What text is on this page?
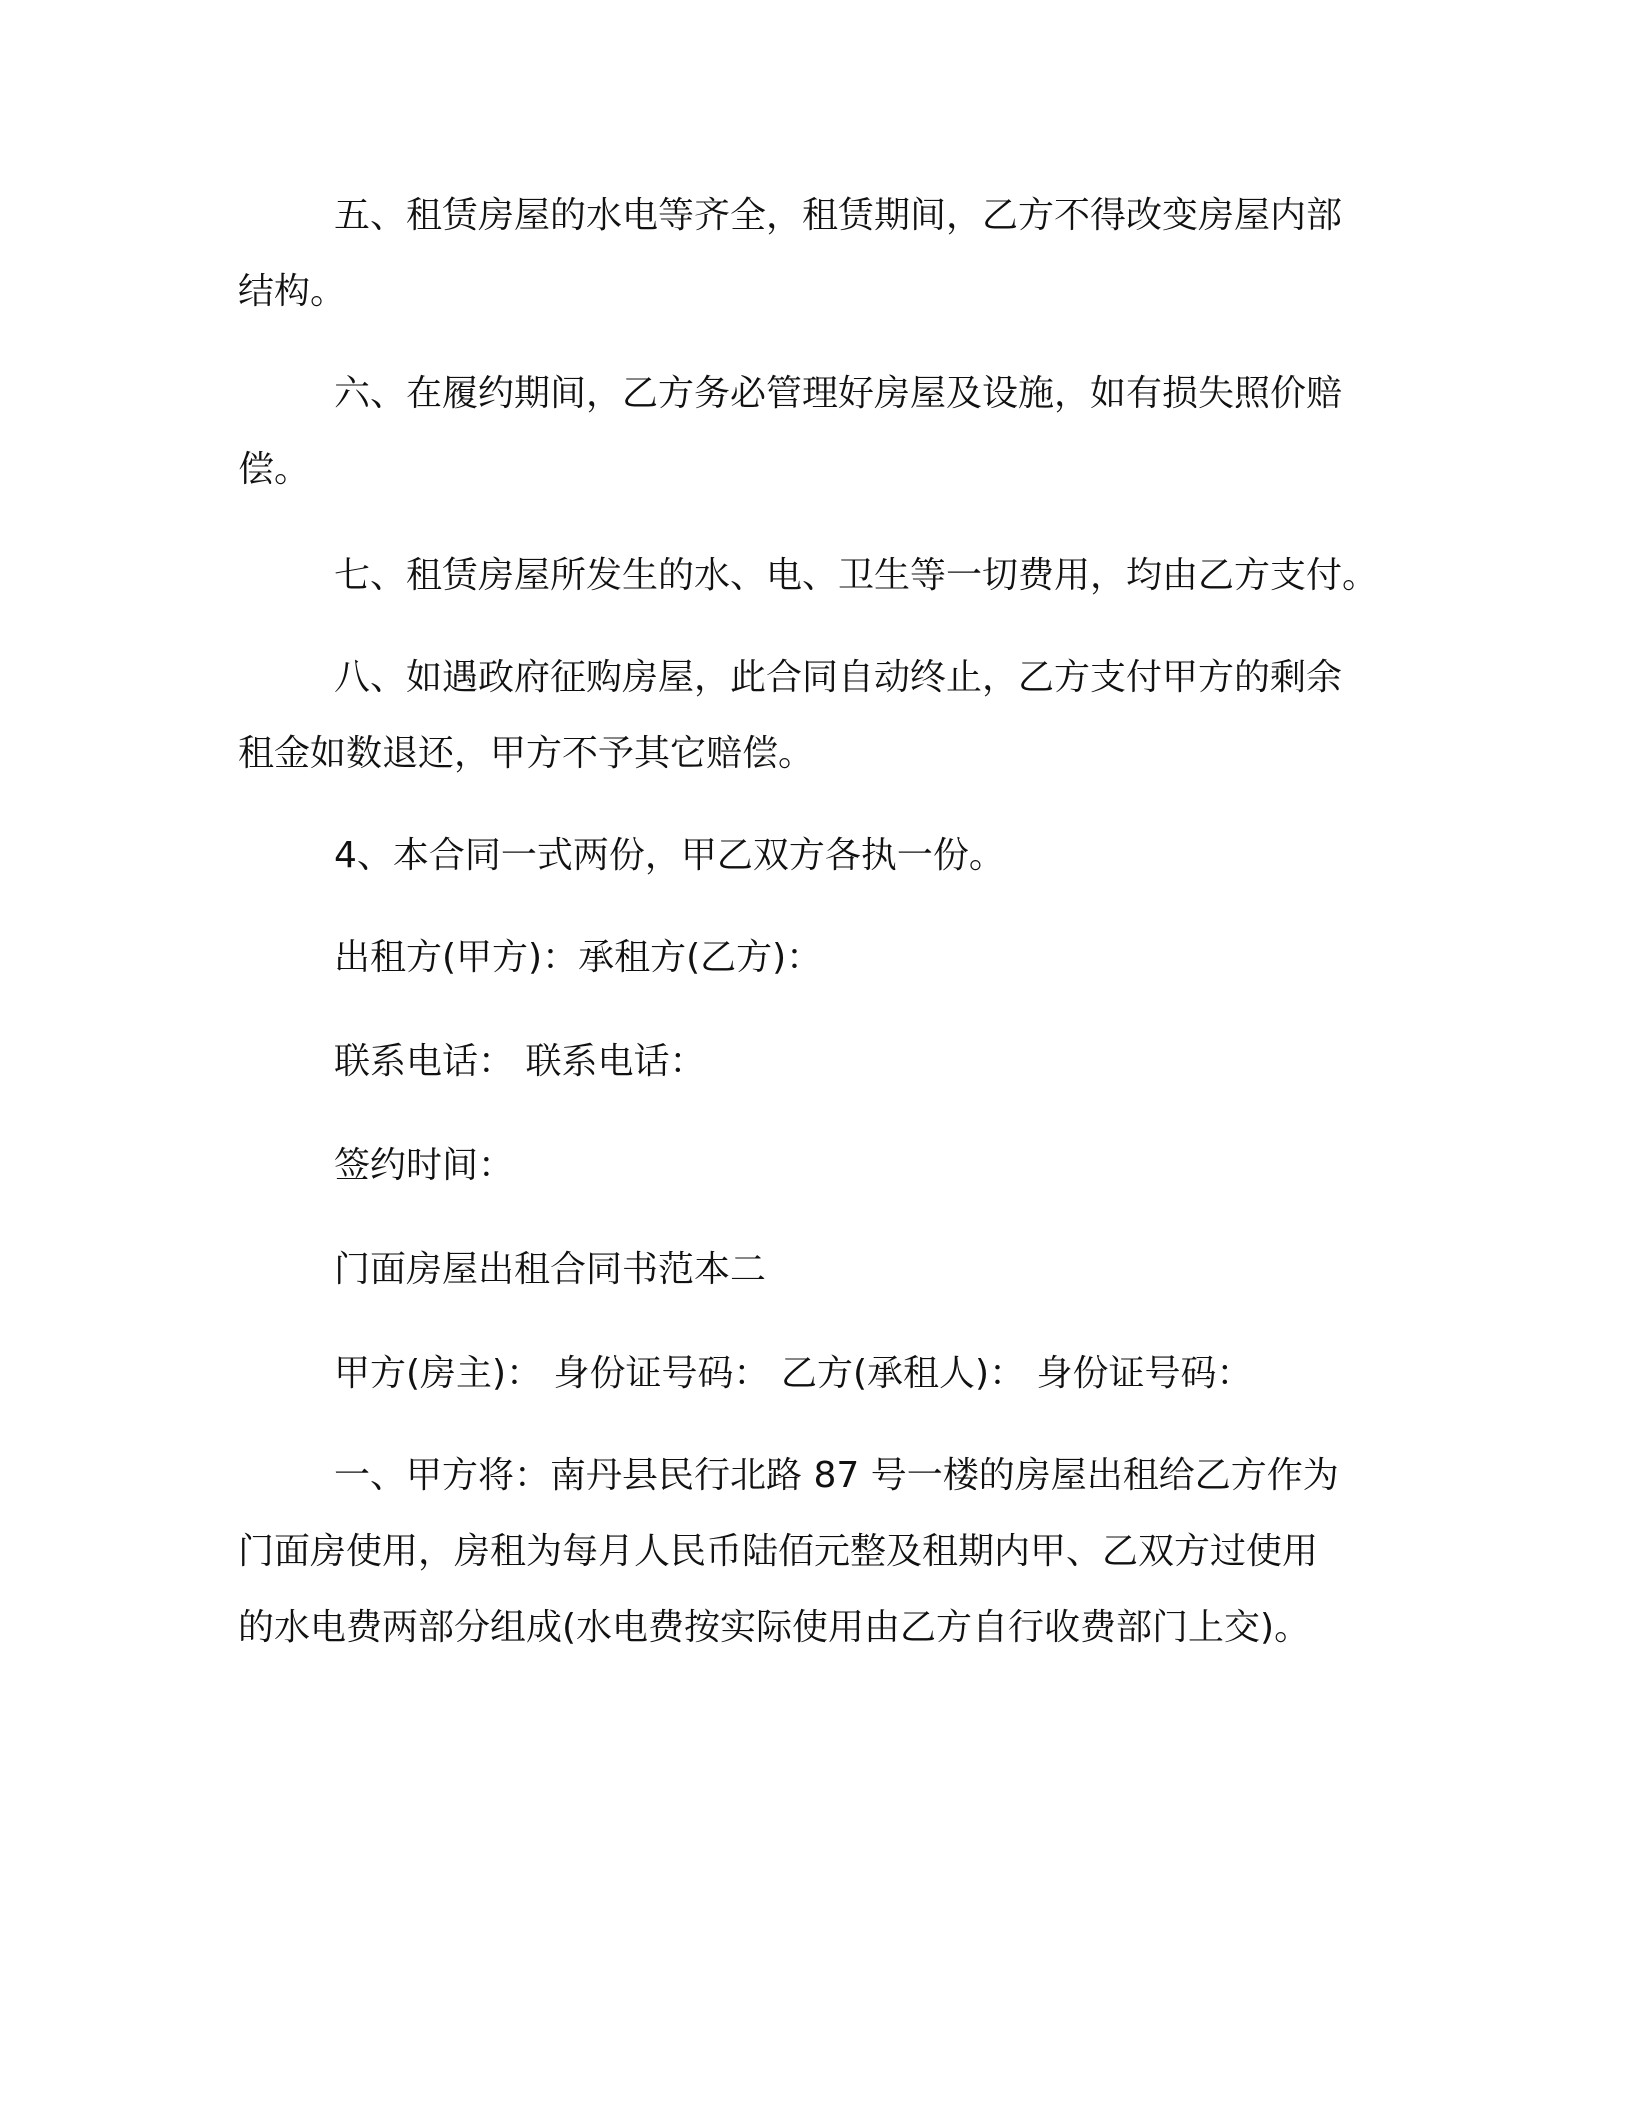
五、租赁房屋的水电等齐全，租赁期间，乙方不得改变房屋内部

结构。

六、在履约期间，乙方务必管理好房屋及设施，如有损失照价赔

偿。

七、租赁房屋所发生的水、电、卫生等一切费用，均由乙方支付。

八、如遇政府征购房屋，此合同自动终止，乙方支付甲方的剩余

租金如数退还，甲方不予其它赔偿。

4、本合同一式两份，甲乙双方各执一份。

出租方(甲方)：承租方(乙方)：

联系电话： 联系电话：

签约时间：

门面房屋出租合同书范本二

甲方(房主)： 身份证号码： 乙方(承租人)： 身份证号码：

一、甲方将：南丹县民行北路 87 号一楼的房屋出租给乙方作为

门面房使用，房租为每月人民币陆佰元整及租期内甲、乙双方过使用

的水电费两部分组成(水电费按实际使用由乙方自行收费部门上交)。
